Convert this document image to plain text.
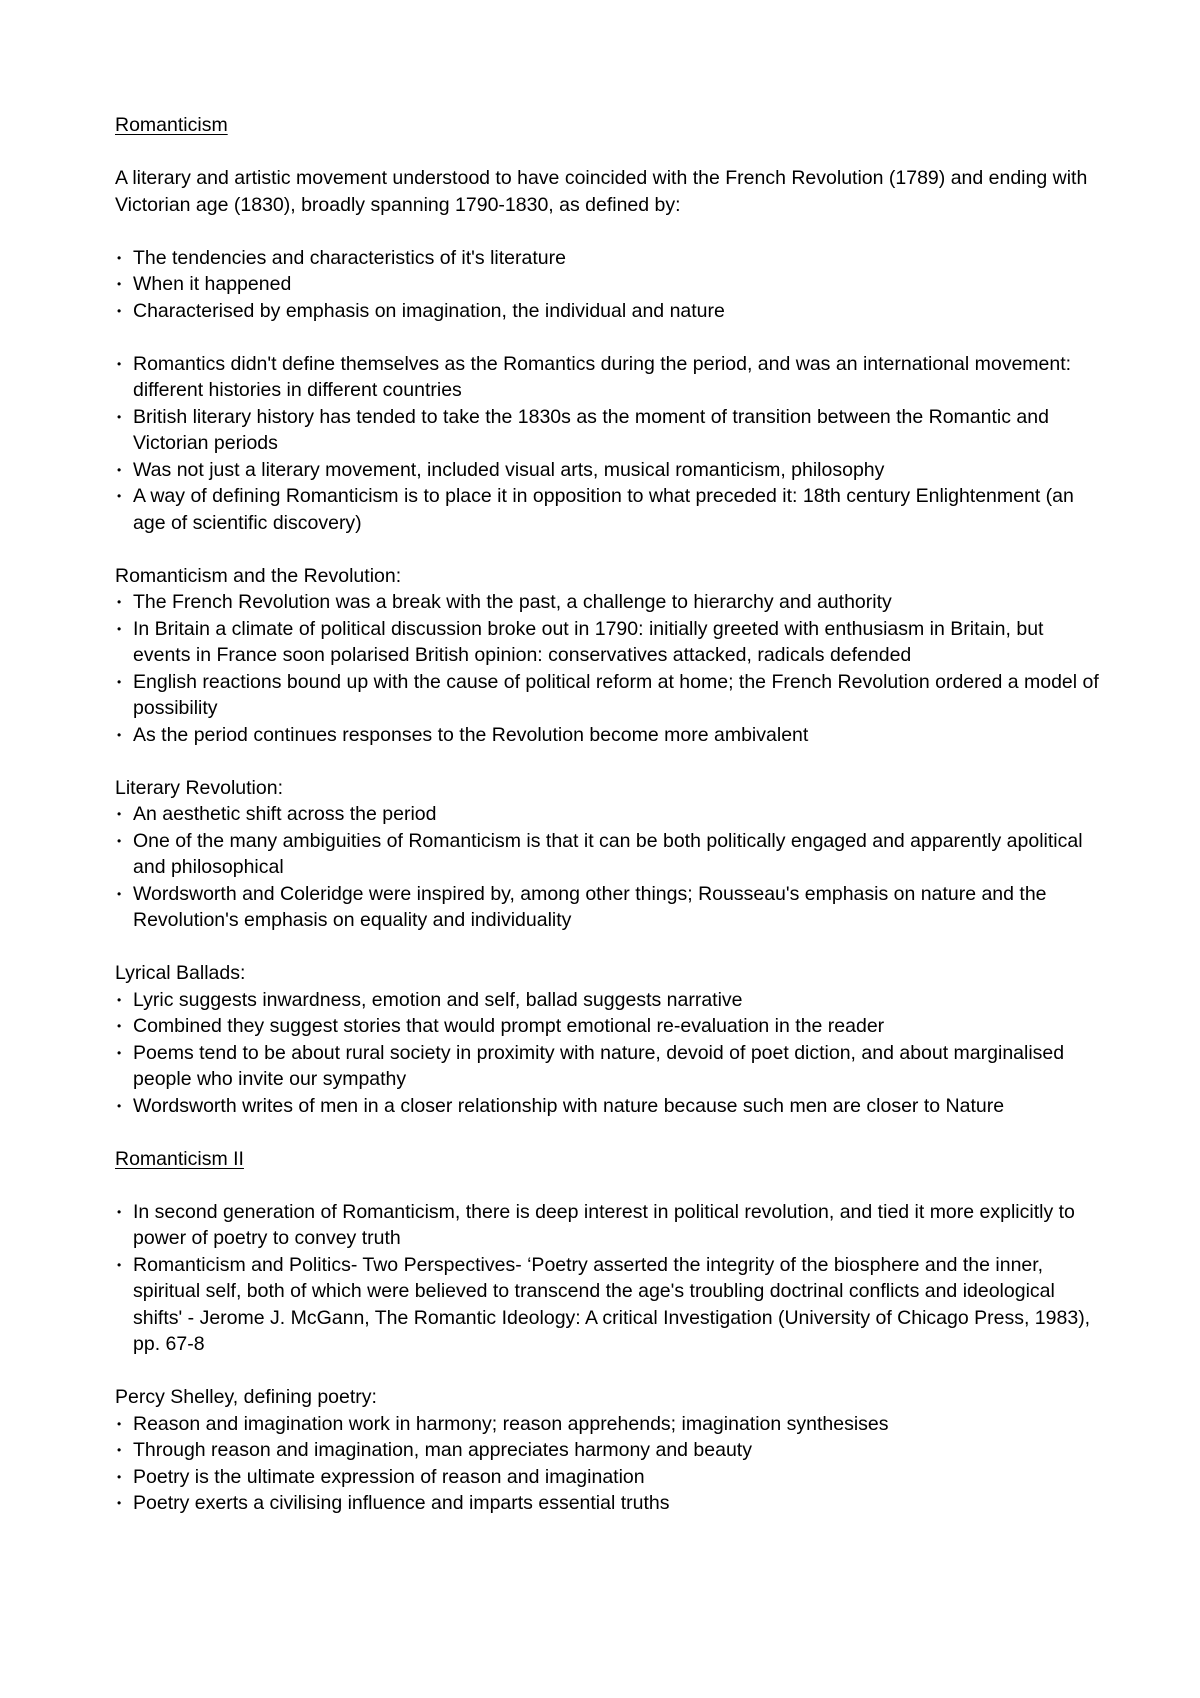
Romanticism

A literary and artistic movement understood to have coincided with the French Revolution (1789) and ending with Victorian age (1830), broadly spanning 1790-1830, as defined by:

• The tendencies and characteristics of it's literature
• When it happened
• Characterised by emphasis on imagination, the individual and nature
• Romantics didn't define themselves as the Romantics during the period, and was an international movement: different histories in different countries
• British literary history has tended to take the 1830s as the moment of transition between the Romantic and Victorian periods
• Was not just a literary movement, included visual arts, musical romanticism, philosophy
• A way of defining Romanticism is to place it in opposition to what preceded it: 18th century Enlightenment (an age of scientific discovery)

Romanticism and the Revolution:

• The French Revolution was a break with the past, a challenge to hierarchy and authority
• In Britain a climate of political discussion broke out in 1790: initially greeted with enthusiasm in Britain, but events in France soon polarised British opinion: conservatives attacked, radicals defended
• English reactions bound up with the cause of political reform at home; the French Revolution ordered a model of possibility
• As the period continues responses to the Revolution become more ambivalent

Literary Revolution:

• An aesthetic shift across the period
• One of the many ambiguities of Romanticism is that it can be both politically engaged and apparently apolitical and philosophical
• Wordsworth and Coleridge were inspired by, among other things; Rousseau's emphasis on nature and the Revolution's emphasis on equality and individuality

Lyrical Ballads:

• Lyric suggests inwardness, emotion and self, ballad suggests narrative
• Combined they suggest stories that would prompt emotional re-evaluation in the reader
• Poems tend to be about rural society in proximity with nature, devoid of poet diction, and about marginalised people who invite our sympathy
• Wordsworth writes of men in a closer relationship with nature because such men are closer to Nature

Romanticism II

• In second generation of Romanticism, there is deep interest in political revolution, and tied it more explicitly to power of poetry to convey truth
• Romanticism and Politics- Two Perspectives- ‘Poetry asserted the integrity of the biosphere and the inner, spiritual self, both of which were believed to transcend the age's troubling doctrinal conflicts and ideological shifts' - Jerome J. McGann, The Romantic Ideology: A critical Investigation (University of Chicago Press, 1983), pp. 67-8

Percy Shelley, defining poetry:

• Reason and imagination work in harmony; reason apprehends; imagination synthesises
• Through reason and imagination, man appreciates harmony and beauty
• Poetry is the ultimate expression of reason and imagination
• Poetry exerts a civilising influence and imparts essential truths
